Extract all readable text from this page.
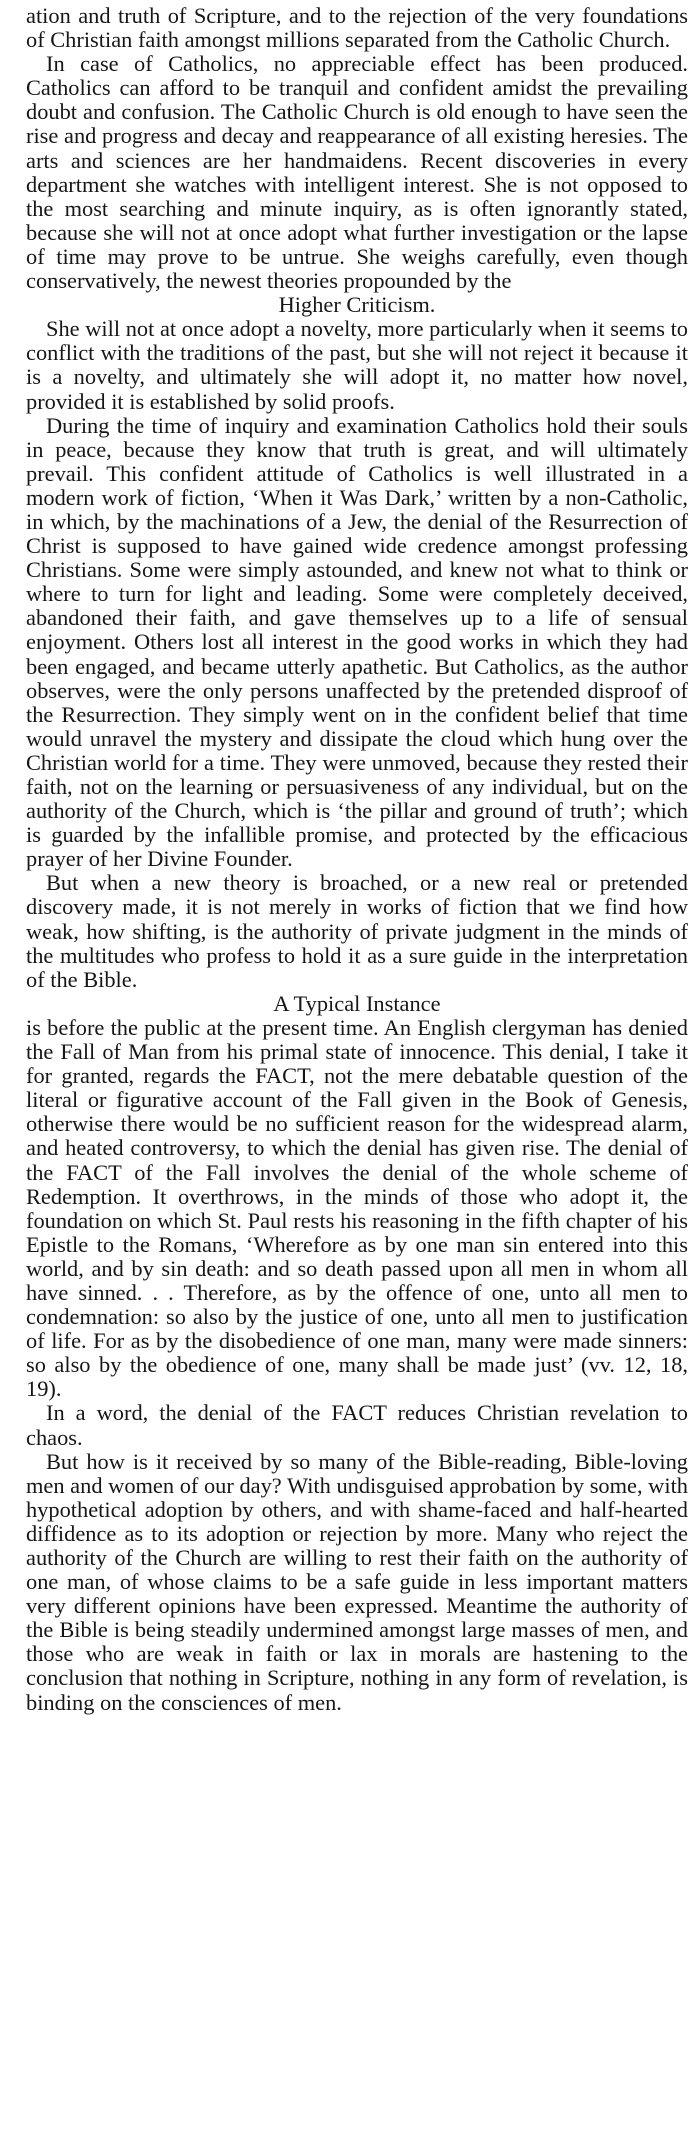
ation and truth of Scripture, and to the rejection of the very foundations of Christian faith amongst millions separated from the Catholic Church.

In case of Catholics, no appreciable effect has been produced. Catholics can afford to be tranquil and confident amidst the prevailing doubt and confusion. The Catholic Church is old enough to have seen the rise and progress and decay and reappearance of all existing heresies. The arts and sciences are her handmaidens. Recent discoveries in every department she watches with intelligent interest. She is not opposed to the most searching and minute inquiry, as is often ignorantly stated, because she will not at once adopt what further investigation or the lapse of time may prove to be untrue. She weighs carefully, even though conservatively, the newest theories propounded by the

Higher Criticism.

She will not at once adopt a novelty, more particularly when it seems to conflict with the traditions of the past, but she will not reject it because it is a novelty, and ultimately she will adopt it, no matter how novel, provided it is established by solid proofs.

During the time of inquiry and examination Catholics hold their souls in peace, because they know that truth is great, and will ultimately prevail. This confident attitude of Catholics is well illustrated in a modern work of fiction, ‘When it Was Dark,’ written by a non-Catholic, in which, by the machinations of a Jew, the denial of the Resurrection of Christ is supposed to have gained wide credence amongst professing Christians. Some were simply astounded, and knew not what to think or where to turn for light and leading. Some were completely deceived, abandoned their faith, and gave themselves up to a life of sensual enjoyment. Others lost all interest in the good works in which they had been engaged, and became utterly apathetic. But Catholics, as the author observes, were the only persons unaffected by the pretended disproof of the Resurrection. They simply went on in the confident belief that time would unravel the mystery and dissipate the cloud which hung over the Christian world for a time. They were unmoved, because they rested their faith, not on the learning or persuasiveness of any individual, but on the authority of the Church, which is ‘the pillar and ground of truth’; which is guarded by the infallible promise, and protected by the efficacious prayer of her Divine Founder.

But when a new theory is broached, or a new real or pretended discovery made, it is not merely in works of fiction that we find how weak, how shifting, is the authority of private judgment in the minds of the multitudes who profess to hold it as a sure guide in the interpretation of the Bible.

A Typical Instance

is before the public at the present time. An English clergyman has denied the Fall of Man from his primal state of innocence. This denial, I take it for granted, regards the FACT, not the mere debatable question of the literal or figurative account of the Fall given in the Book of Genesis, otherwise there would be no sufficient reason for the widespread alarm, and heated controversy, to which the denial has given rise. The denial of the FACT of the Fall involves the denial of the whole scheme of Redemption. It overthrows, in the minds of those who adopt it, the foundation on which St. Paul rests his reasoning in the fifth chapter of his Epistle to the Romans, ‘Wherefore as by one man sin entered into this world, and by sin death: and so death passed upon all men in whom all have sinned. . . Therefore, as by the offence of one, unto all men to condemnation: so also by the justice of one, unto all men to justification of life. For as by the disobedience of one man, many were made sinners: so also by the obedience of one, many shall be made just’ (vv. 12, 18, 19).

In a word, the denial of the FACT reduces Christian revelation to chaos.

But how is it received by so many of the Bible-reading, Bible-loving men and women of our day? With undisguised approbation by some, with hypothetical adoption by others, and with shame-faced and half-hearted diffidence as to its adoption or rejection by more. Many who reject the authority of the Church are willing to rest their faith on the authority of one man, of whose claims to be a safe guide in less important matters very different opinions have been expressed. Meantime the authority of the Bible is being steadily undermined amongst large masses of men, and those who are weak in faith or lax in morals are hastening to the conclusion that nothing in Scripture, nothing in any form of revelation, is binding on the consciences of men.
